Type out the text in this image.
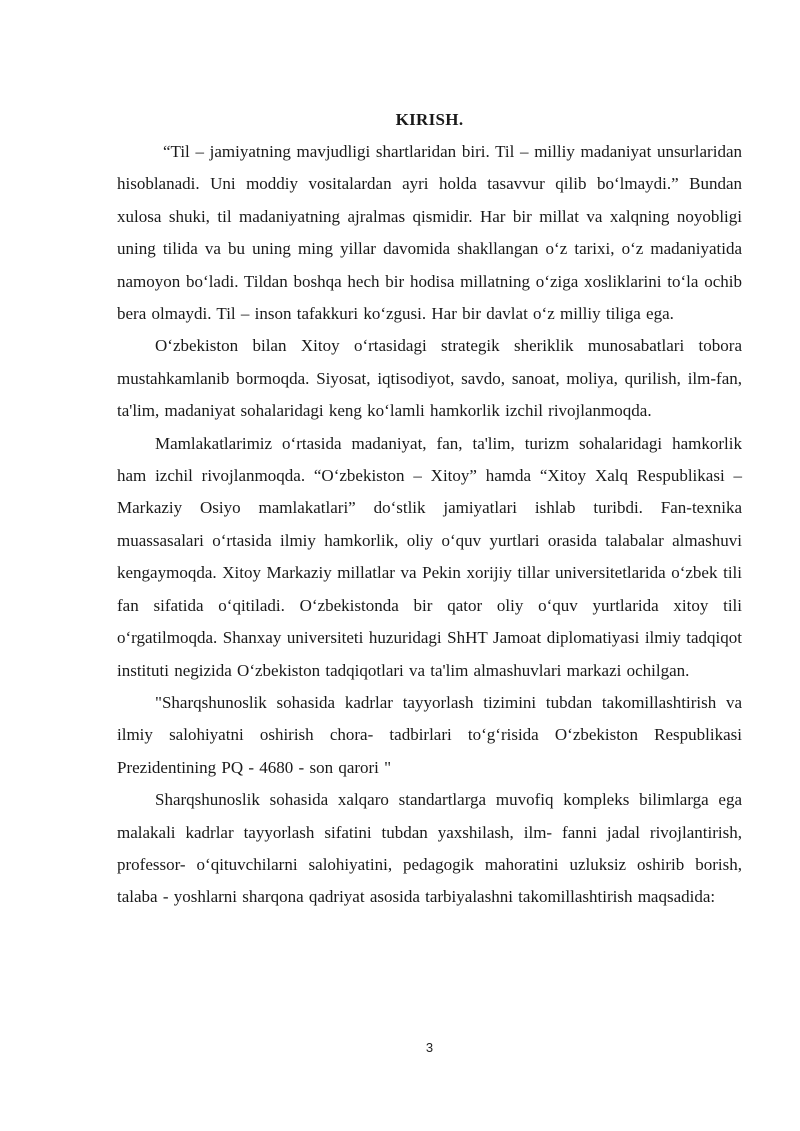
KIRISH.

“Til – jamiyatning mavjudligi shartlaridan biri. Til – milliy madaniyat unsurlaridan hisoblanadi. Uni moddiy vositalardan ayri holda tasavvur qilib bo‘lmaydi.” Bundan xulosa shuki, til madaniyatning ajralmas qismidir. Har bir millat va xalqning noyobligi uning tilida va bu uning ming yillar davomida shakllangan o‘z tarixi, o‘z madaniyatida namoyon bo‘ladi. Tildan boshqa hech bir hodisa millatning o‘ziga xosliklarini to‘la ochib bera olmaydi. Til – inson tafakkuri ko‘zgusi. Har bir davlat o‘z milliy tiliga ega.

O‘zbekiston bilan Xitoy o‘rtasidagi strategik sheriklik munosabatlari tobora mustahkamlanib bormoqda. Siyosat, iqtisodiyot, savdo, sanoat, moliya, qurilish, ilm-fan, ta'lim, madaniyat sohalaridagi keng ko‘lamli hamkorlik izchil rivojlanmoqda.

Mamlakatlarimiz o‘rtasida madaniyat, fan, ta'lim, turizm sohalaridagi hamkorlik ham izchil rivojlanmoqda. “O‘zbekiston – Xitoy” hamda “Xitoy Xalq Respublikasi – Markaziy Osiyo mamlakatlari” do‘stlik jamiyatlari ishlab turibdi. Fan-texnika muassasalari o‘rtasida ilmiy hamkorlik, oliy o‘quv yurtlari orasida talabalar almashuvi kengaymoqda. Xitoy Markaziy millatlar va Pekin xorijiy tillar universitetlarida o‘zbek tili fan sifatida o‘qitiladi. O‘zbekistonda bir qator oliy o‘quv yurtlarida xitoy tili o‘rgatilmoqda. Shanxay universiteti huzuridagi ShHT Jamoat diplomatiyasi ilmiy tadqiqot instituti negizida O‘zbekiston tadqiqotlari va ta'lim almashuvlari markazi ochilgan.

"Sharqshunoslik sohasida kadrlar tayyorlash tizimini tubdan takomillashtirish va ilmiy salohiyatni oshirish chora- tadbirlari to‘g‘risida O‘zbekiston Respublikasi Prezidentining PQ - 4680 - son qarori "

Sharqshunoslik sohasida xalqaro standartlarga muvofiq kompleks bilimlarga ega malakali kadrlar tayyorlash sifatini tubdan yaxshilash, ilm- fanni jadal rivojlantirish, professor- o‘qituvchilarni salohiyatini, pedagogik mahoratini uzluksiz oshirib borish, talaba - yoshlarni sharqona qadriyat asosida tarbiyalashni takomillashtirish maqsadida:

3
